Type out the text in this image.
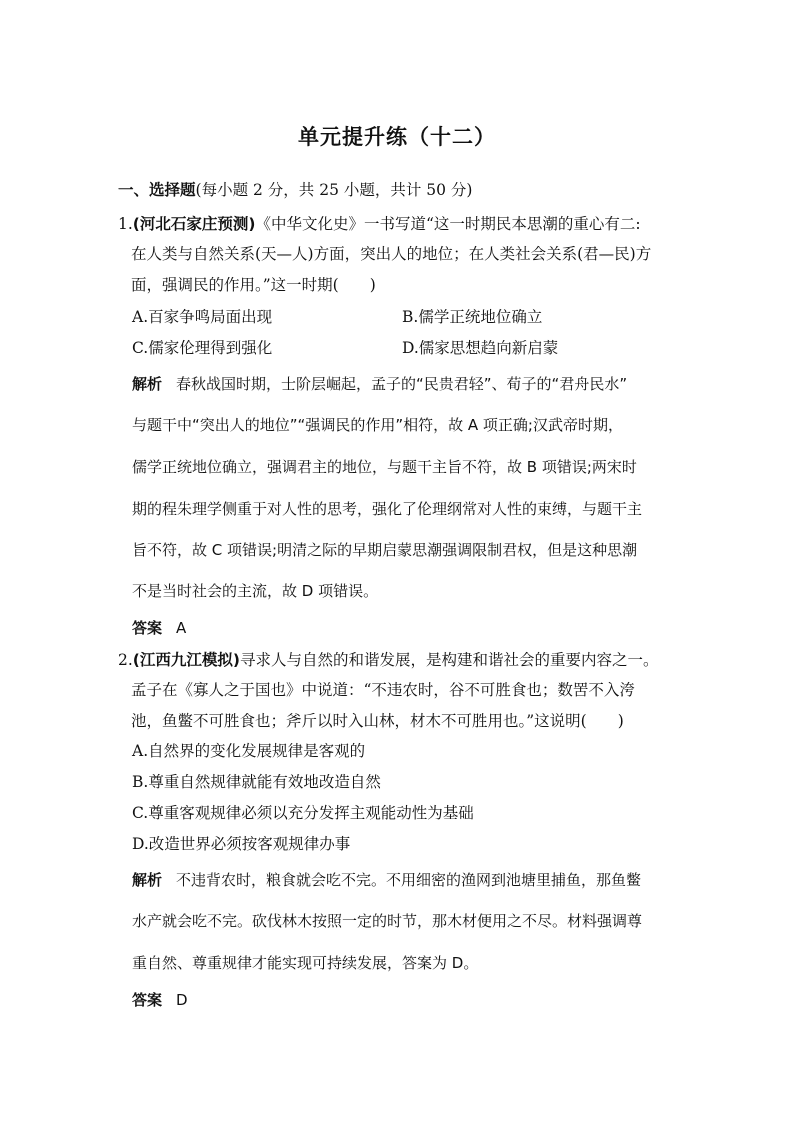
单元提升练（十二）
一、选择题(每小题 2 分，共 25 小题，共计 50 分)
1.(河北石家庄预测)《中华文化史》一书写道“这一时期民本思潮的重心有二:
在人类与自然关系(天—人)方面，突出人的地位；在人类社会关系(君—民)方
面，强调民的作用。”这一时期(　　)
A.百家争鸣局面出现	B.儒学正统地位确立
C.儒家伦理得到强化	D.儒家思想趋向新启蒙
解析 春秋战国时期，士阶层崛起，孟子的“民贵君轻”、荀子的“君舟民水”
与题干中“突出人的地位”“强调民的作用”相符，故 A 项正确;汉武帝时期，
儒学正统地位确立，强调君主的地位，与题干主旨不符，故 B 项错误;两宋时
期的程朱理学侧重于对人性的思考，强化了伦理纲常对人性的束缚，与题干主
旨不符，故 C 项错误;明清之际的早期启蒙思潮强调限制君权，但是这种思潮
不是当时社会的主流，故 D 项错误。
答案 A
2.(江西九江模拟)寻求人与自然的和谐发展，是构建和谐社会的重要内容之一。
孟子在《寡人之于国也》中说道：“不违农时，谷不可胜食也；数罟不入洿
池，鱼鳖不可胜食也；斧斤以时入山林，材木不可胜用也。”这说明(　　)
A.自然界的变化发展规律是客观的
B.尊重自然规律就能有效地改造自然
C.尊重客观规律必须以充分发挥主观能动性为基础
D.改造世界必须按客观规律办事
解析 不违背农时，粮食就会吃不完。不用细密的渔网到池塘里捕鱼，那鱼鳖
水产就会吃不完。砍伐林木按照一定的时节，那木材便用之不尽。材料强调尊
重自然、尊重规律才能实现可持续发展，答案为 D。
答案 D
